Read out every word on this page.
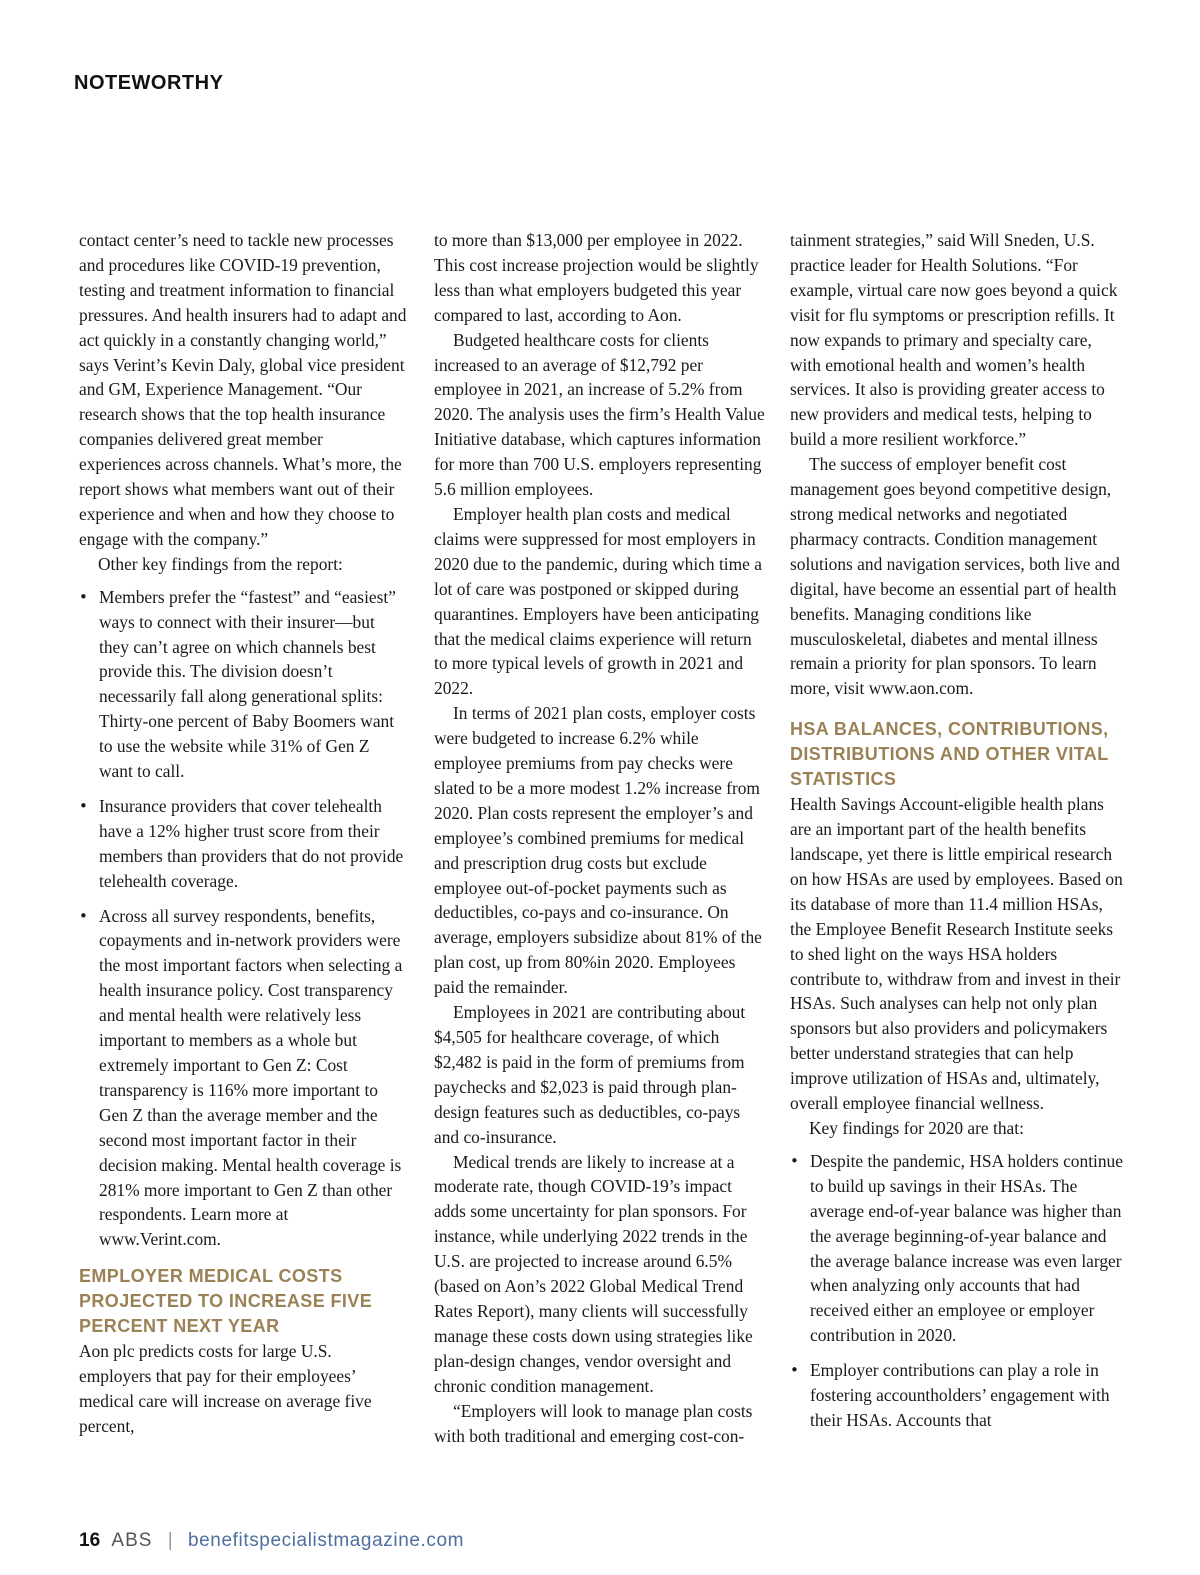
NOTEWORTHY

contact center’s need to tackle new processes and procedures like COVID-19 prevention, testing and treatment information to financial pressures. And health insurers had to adapt and act quickly in a constantly changing world,” says Verint’s Kevin Daly, global vice president and GM, Experience Management. “Our research shows that the top health insurance companies delivered great member experiences across channels. What’s more, the report shows what members want out of their experience and when and how they choose to engage with the company.”

Other key findings from the report:

• Members prefer the “fastest” and “easiest” ways to connect with their insurer—but they can’t agree on which channels best provide this. The division doesn’t necessarily fall along generational splits: Thirty-one percent of Baby Boomers want to use the website while 31% of Gen Z want to call.
• Insurance providers that cover telehealth have a 12% higher trust score from their members than providers that do not provide telehealth coverage.
• Across all survey respondents, benefits, copayments and in-network providers were the most important factors when selecting a health insurance policy. Cost transparency and mental health were relatively less important to members as a whole but extremely important to Gen Z: Cost transparency is 116% more important to Gen Z than the average member and the second most important factor in their decision making. Mental health coverage is 281% more important to Gen Z than other respondents. Learn more at www.Verint.com.
EMPLOYER MEDICAL COSTS PROJECTED TO INCREASE FIVE PERCENT NEXT YEAR

Aon plc predicts costs for large U.S. employers that pay for their employees’ medical care will increase on average five percent,

to more than $13,000 per employee in 2022. This cost increase projection would be slightly less than what employers budgeted this year compared to last, according to Aon.

Budgeted healthcare costs for clients increased to an average of $12,792 per employee in 2021, an increase of 5.2% from 2020. The analysis uses the firm’s Health Value Initiative database, which captures information for more than 700 U.S. employers representing 5.6 million employees.

Employer health plan costs and medical claims were suppressed for most employers in 2020 due to the pandemic, during which time a lot of care was postponed or skipped during quarantines. Employers have been anticipating that the medical claims experience will return to more typical levels of growth in 2021 and 2022.

In terms of 2021 plan costs, employer costs were budgeted to increase 6.2% while employee premiums from pay checks were slated to be a more modest 1.2% increase from 2020. Plan costs represent the employer’s and employee’s combined premiums for medical and prescription drug costs but exclude employee out-of-pocket payments such as deductibles, co-pays and co-insurance. On average, employers subsidize about 81% of the plan cost, up from 80%in 2020. Employees paid the remainder.

Employees in 2021 are contributing about $4,505 for healthcare coverage, of which $2,482 is paid in the form of premiums from paychecks and $2,023 is paid through plan-design features such as deductibles, co-pays and co-insurance.

Medical trends are likely to increase at a moderate rate, though COVID-19’s impact adds some uncertainty for plan sponsors. For instance, while underlying 2022 trends in the U.S. are projected to increase around 6.5% (based on Aon’s 2022 Global Medical Trend Rates Report), many clients will successfully manage these costs down using strategies like plan-design changes, vendor oversight and chronic condition management.

“Employers will look to manage plan costs with both traditional and emerging cost-con-

tainment strategies,” said Will Sneden, U.S. practice leader for Health Solutions. “For example, virtual care now goes beyond a quick visit for flu symptoms or prescription refills. It now expands to primary and specialty care, with emotional health and women’s health services. It also is providing greater access to new providers and medical tests, helping to build a more resilient workforce.”

The success of employer benefit cost management goes beyond competitive design, strong medical networks and negotiated pharmacy contracts. Condition management solutions and navigation services, both live and digital, have become an essential part of health benefits. Managing conditions like musculoskeletal, diabetes and mental illness remain a priority for plan sponsors. To learn more, visit www.aon.com.

HSA BALANCES, CONTRIBUTIONS, DISTRIBUTIONS AND OTHER VITAL STATISTICS

Health Savings Account-eligible health plans are an important part of the health benefits landscape, yet there is little empirical research on how HSAs are used by employees. Based on its database of more than 11.4 million HSAs, the Employee Benefit Research Institute seeks to shed light on the ways HSA holders contribute to, withdraw from and invest in their HSAs. Such analyses can help not only plan sponsors but also providers and policymakers better understand strategies that can help improve utilization of HSAs and, ultimately, overall employee financial wellness.

Key findings for 2020 are that:

• Despite the pandemic, HSA holders continue to build up savings in their HSAs. The average end-of-year balance was higher than the average beginning-of-year balance and the average balance increase was even larger when analyzing only accounts that had received either an employee or employer contribution in 2020.
• Employer contributions can play a role in fostering accountholders’ engagement with their HSAs. Accounts that
16 ABS | benefitspecialistmagazine.com
